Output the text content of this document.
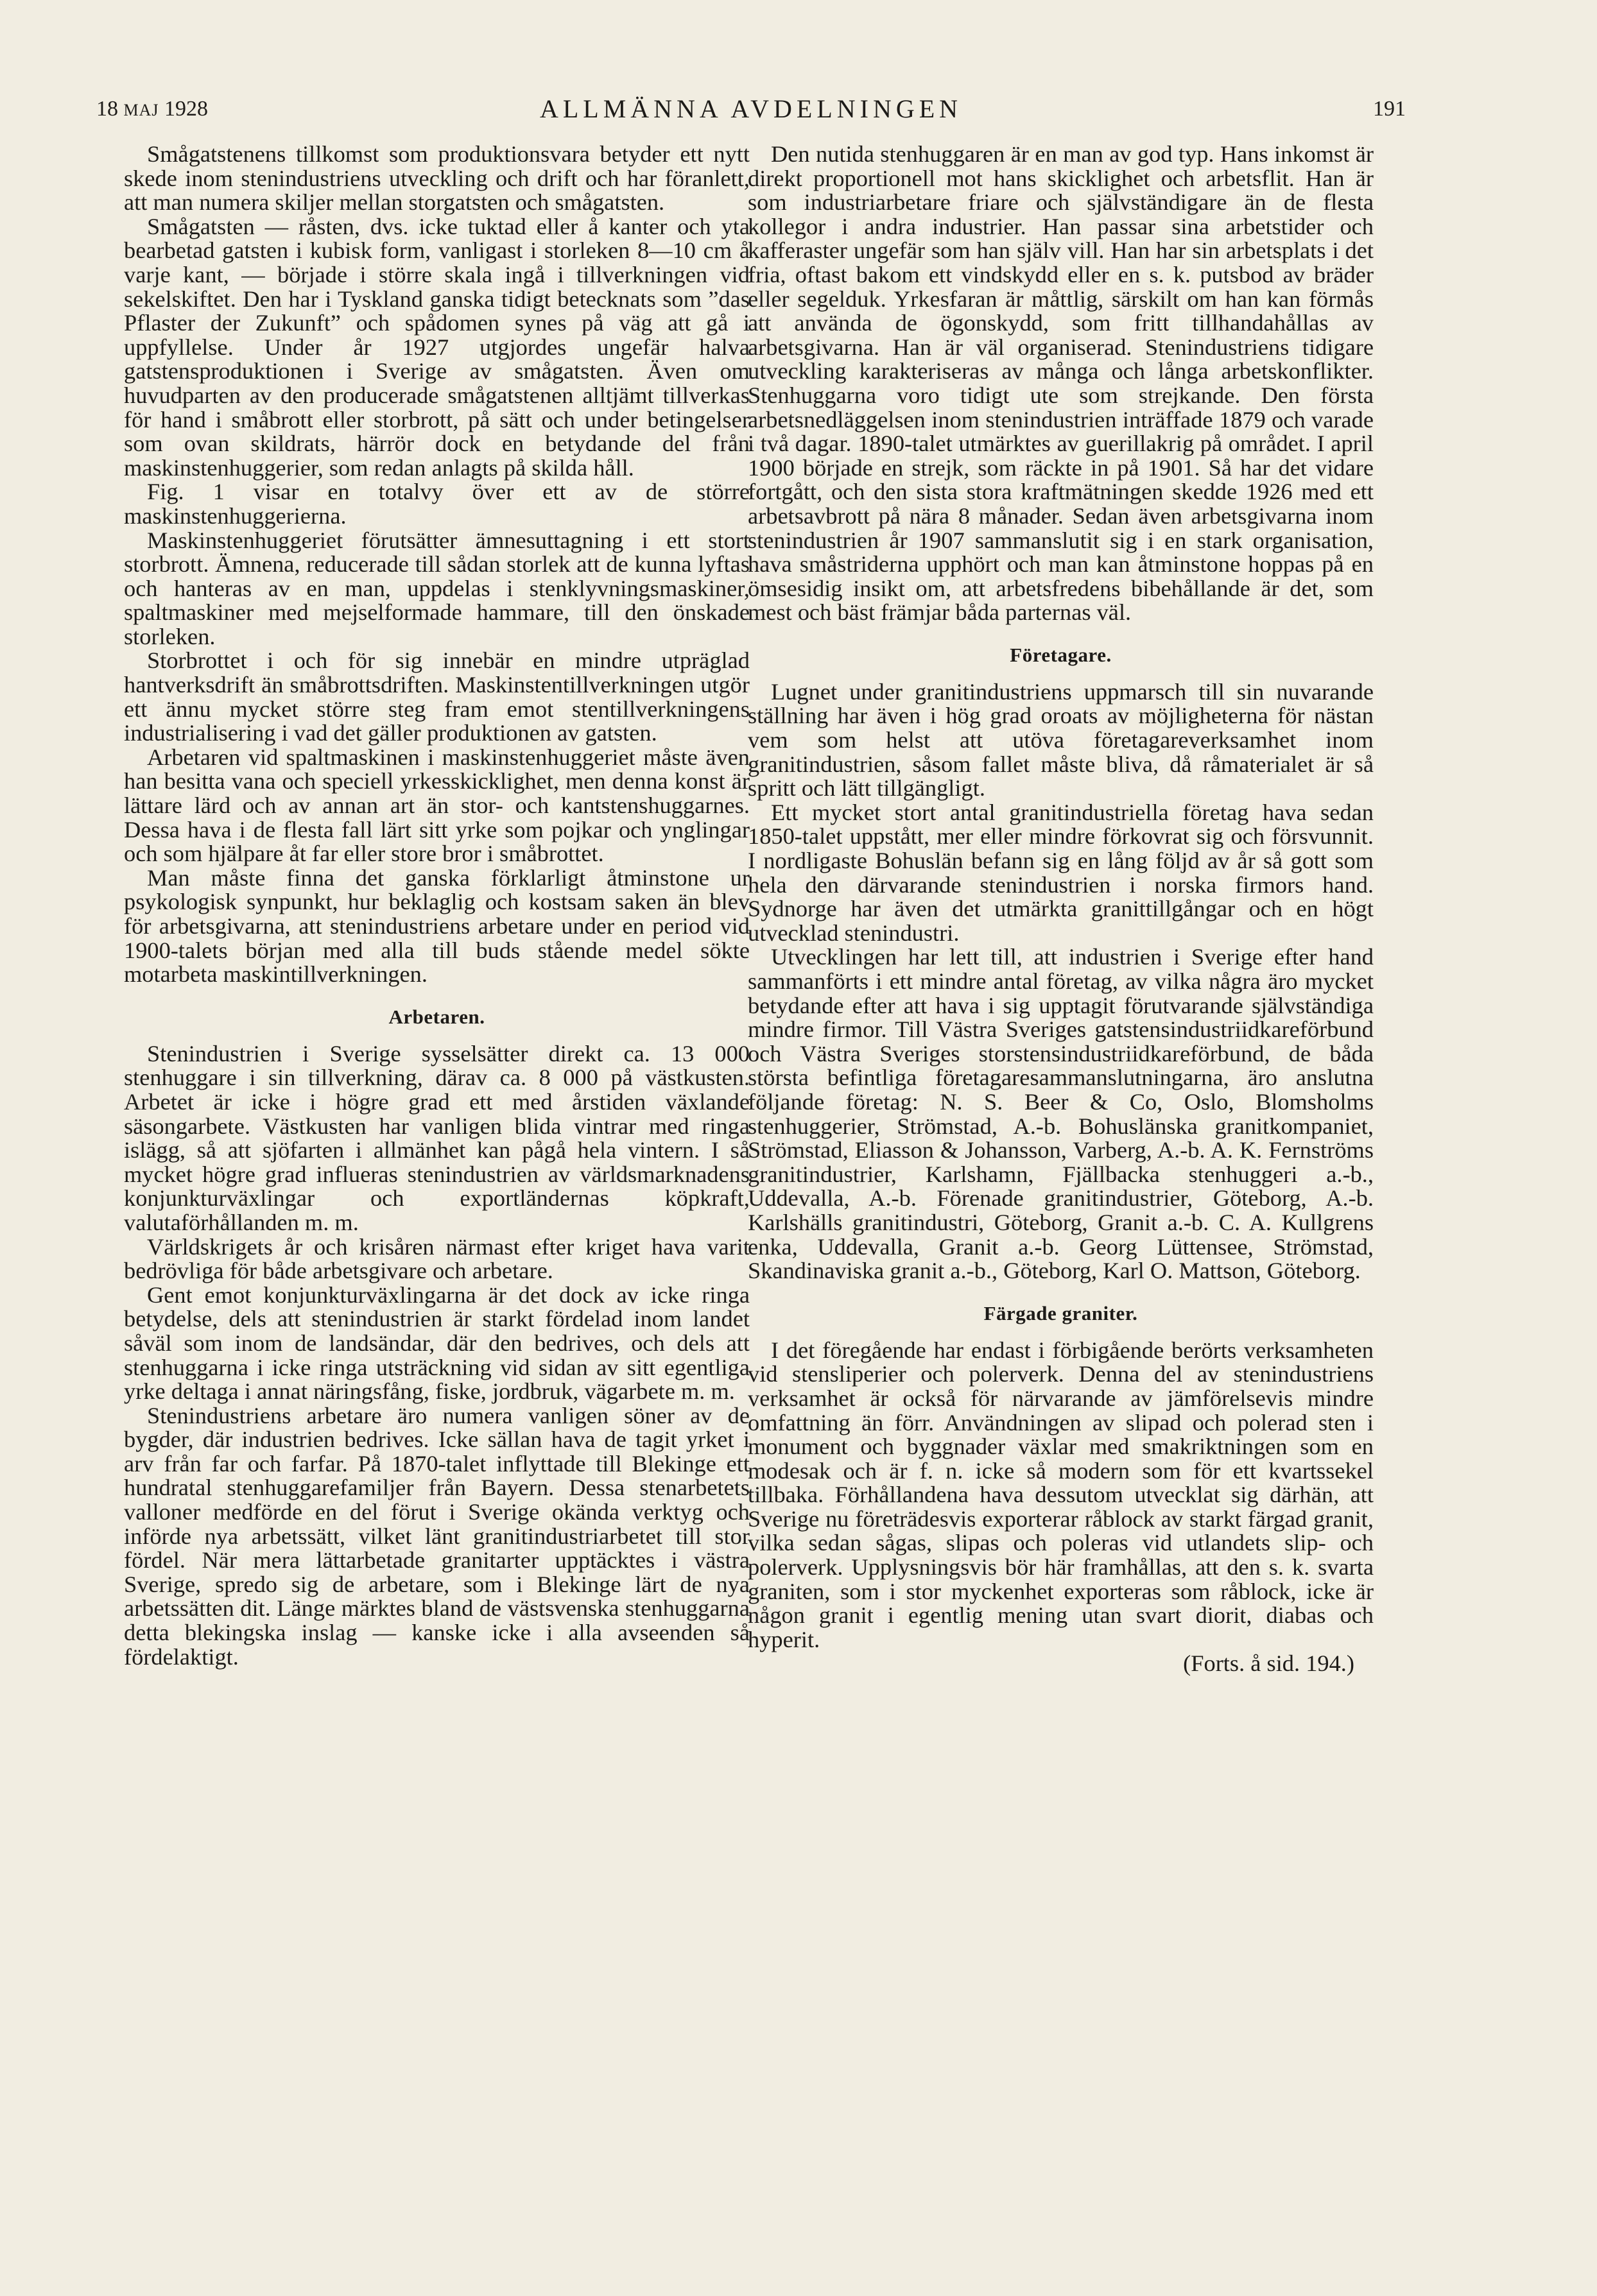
18 MAJ 1928	ALLMÄNNA AVDELNINGEN	191

Smågatstenens tillkomst som produktionsvara betyder ett nytt skede inom stenindustriens utveckling och drift och har föranlett, att man numera skiljer mellan storgatsten och smågatsten.

Smågatsten — råsten, dvs. icke tuktad eller å kanter och yta bearbetad gatsten i kubisk form, vanligast i storleken 8—10 cm å varje kant, — började i större skala ingå i tillverkningen vid sekelskiftet. Den har i Tyskland ganska tidigt betecknats som ”das Pflaster der Zukunft” och spådomen synes på väg att gå i uppfyllelse. Under år 1927 utgjordes ungefär halva gatstensproduktionen i Sverige av smågatsten. Även om huvudparten av den producerade smågatstenen alltjämt tillverkas för hand i småbrott eller storbrott, på sätt och under betingelser som ovan skildrats, härrör dock en betydande del från maskinstenhuggerier, som redan anlagts på skilda håll.

Fig. 1 visar en totalvy över ett av de större maskinstenhuggerierna.

Maskinstenhuggeriet förutsätter ämnesuttagning i ett stort storbrott. Ämnena, reducerade till sådan storlek att de kunna lyftas och hanteras av en man, uppdelas i stenklyvningsmaskiner, spaltmaskiner med mejselformade hammare, till den önskade storleken.

Storbrottet i och för sig innebär en mindre utpräglad hantverksdrift än småbrottsdriften. Maskinstentillverkningen utgör ett ännu mycket större steg fram emot stentillverkningens industrialisering i vad det gäller produktionen av gatsten.

Arbetaren vid spaltmaskinen i maskinstenhuggeriet måste även han besitta vana och speciell yrkesskicklighet, men denna konst är lättare lärd och av annan art än stor- och kantstenshuggarnes. Dessa hava i de flesta fall lärt sitt yrke som pojkar och ynglingar och som hjälpare åt far eller store bror i småbrottet.

Man måste finna det ganska förklarligt åtminstone ur psykologisk synpunkt, hur beklaglig och kostsam saken än blev för arbetsgivarna, att stenindustriens arbetare under en period vid 1900-talets början med alla till buds stående medel sökte motarbeta maskintillverkningen.

Arbetaren.

Stenindustrien i Sverige sysselsätter direkt ca. 13 000 stenhuggare i sin tillverkning, därav ca. 8 000 på västkusten. Arbetet är icke i högre grad ett med årstiden växlande säsongarbete. Västkusten har vanligen blida vintrar med ringa islägg, så att sjöfarten i allmänhet kan pågå hela vintern. I så mycket högre grad influeras stenindustrien av världsmarknadens konjunkturväxlingar och exportländernas köpkraft, valutaförhållanden m. m.

Världskrigets år och krisåren närmast efter kriget hava varit bedrövliga för både arbetsgivare och arbetare.

Gent emot konjunkturväxlingarna är det dock av icke ringa betydelse, dels att stenindustrien är starkt fördelad inom landet såväl som inom de landsändar, där den bedrives, och dels att stenhuggarna i icke ringa utsträckning vid sidan av sitt egentliga yrke deltaga i annat näringsfång, fiske, jordbruk, vägarbete m. m.

Stenindustriens arbetare äro numera vanligen söner av de bygder, där industrien bedrives. Icke sällan hava de tagit yrket i arv från far och farfar. På 1870-talet inflyttade till Blekinge ett hundratal stenhuggarefamiljer från Bayern. Dessa stenarbetets valloner medförde en del förut i Sverige okända verktyg och införde nya arbetssätt, vilket länt granitindustriarbetet till stor fördel. När mera lättarbetade granitarter upptäcktes i västra Sverige, spredo sig de arbetare, som i Blekinge lärt de nya arbetssätten dit. Länge märktes bland de västsvenska stenhuggarna detta blekingska inslag — kanske icke i alla avseenden så fördelaktigt.

Den nutida stenhuggaren är en man av god typ. Hans inkomst är direkt proportionell mot hans skicklighet och arbetsflit. Han är som industriarbetare friare och självständigare än de flesta kollegor i andra industrier. Han passar sina arbetstider och kafferaster ungefär som han själv vill. Han har sin arbetsplats i det fria, oftast bakom ett vindskydd eller en s. k. putsbod av bräder eller segelduk. Yrkesfaran är måttlig, särskilt om han kan förmås att använda de ögonskydd, som fritt tillhandahållas av arbetsgivarna. Han är väl organiserad. Stenindustriens tidigare utveckling karakteriseras av många och långa arbetskonflikter. Stenhuggarna voro tidigt ute som strejkande. Den första arbetsnedläggelsen inom stenindustrien inträffade 1879 och varade i två dagar. 1890-talet utmärktes av guerillakrig på området. I april 1900 började en strejk, som räckte in på 1901. Så har det vidare fortgått, och den sista stora kraftmätningen skedde 1926 med ett arbetsavbrott på nära 8 månader. Sedan även arbetsgivarna inom stenindustrien år 1907 sammanslutit sig i en stark organisation, hava småstriderna upphört och man kan åtminstone hoppas på en ömsesidig insikt om, att arbetsfredens bibehållande är det, som mest och bäst främjar båda parternas väl.

Företagare.

Lugnet under granitindustriens uppmarsch till sin nuvarande ställning har även i hög grad oroats av möjligheterna för nästan vem som helst att utöva företagareverksamhet inom granitindustrien, såsom fallet måste bliva, då råmaterialet är så spritt och lätt tillgängligt.

Ett mycket stort antal granitindustriella företag hava sedan 1850-talet uppstått, mer eller mindre förkovrat sig och försvunnit. I nordligaste Bohuslän befann sig en lång följd av år så gott som hela den därvarande stenindustrien i norska firmors hand. Sydnorge har även det utmärkta granittillgångar och en högt utvecklad stenindustri.

Utvecklingen har lett till, att industrien i Sverige efter hand sammanförts i ett mindre antal företag, av vilka några äro mycket betydande efter att hava i sig upptagit förutvarande självständiga mindre firmor. Till Västra Sveriges gatstensindustriidkareförbund och Västra Sveriges storstensindustriidkareförbund, de båda största befintliga företagaresammanslutningarna, äro anslutna följande företag: N. S. Beer & Co, Oslo, Blomsholms stenhuggerier, Strömstad, A.-b. Bohuslänska granitkompaniet, Strömstad, Eliasson & Johansson, Varberg, A.-b. A. K. Fernströms granitindustrier, Karlshamn, Fjällbacka stenhuggeri a.-b., Uddevalla, A.-b. Förenade granitindustrier, Göteborg, A.-b. Karlshälls granitindustri, Göteborg, Granit a.-b. C. A. Kullgrens enka, Uddevalla, Granit a.-b. Georg Lüttensee, Strömstad, Skandinaviska granit a.-b., Göteborg, Karl O. Mattson, Göteborg.

Färgade graniter.

I det föregående har endast i förbigående berörts verksamheten vid stensliperier och polerverk. Denna del av stenindustriens verksamhet är också för närvarande av jämförelsevis mindre omfattning än förr. Användningen av slipad och polerad sten i monument och byggnader växlar med smakriktningen som en modesak och är f. n. icke så modern som för ett kvartssekel tillbaka. Förhållandena hava dessutom utvecklat sig därhän, att Sverige nu företrädesvis exporterar råblock av starkt färgad granit, vilka sedan sågas, slipas och poleras vid utlandets slip- och polerverk. Upplysningsvis bör här framhållas, att den s. k. svarta graniten, som i stor myckenhet exporteras som råblock, icke är någon granit i egentlig mening utan svart diorit, diabas och hyperit.

(Forts. å sid. 194.)
